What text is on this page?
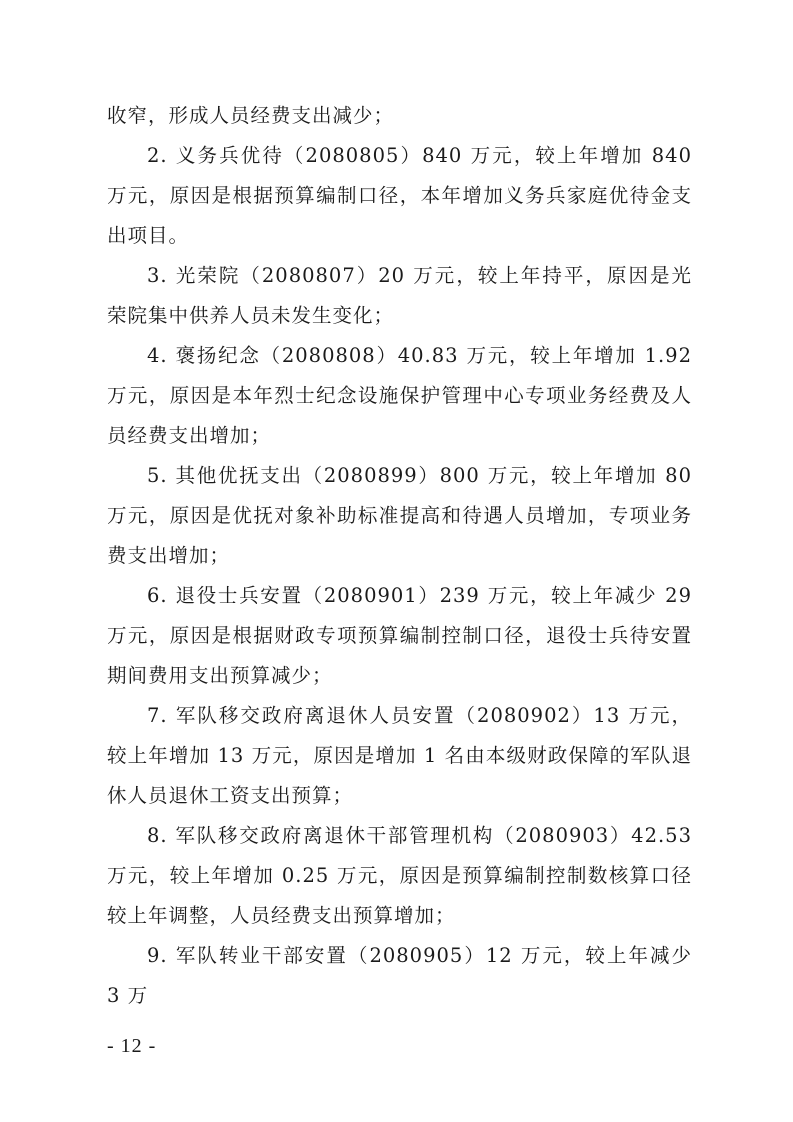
收窄，形成人员经费支出减少；

2. 义务兵优待（2080805）840 万元，较上年增加 840 万元，原因是根据预算编制口径，本年增加义务兵家庭优待金支出项目。

3. 光荣院（2080807）20 万元，较上年持平，原因是光荣院集中供养人员未发生变化；

4. 褒扬纪念（2080808）40.83 万元，较上年增加 1.92 万元，原因是本年烈士纪念设施保护管理中心专项业务经费及人员经费支出增加；

5. 其他优抚支出（2080899）800 万元，较上年增加 80 万元，原因是优抚对象补助标准提高和待遇人员增加，专项业务费支出增加；

6. 退役士兵安置（2080901）239 万元，较上年减少 29 万元，原因是根据财政专项预算编制控制口径，退役士兵待安置期间费用支出预算减少；

7. 军队移交政府离退休人员安置（2080902）13 万元，较上年增加 13 万元，原因是增加 1 名由本级财政保障的军队退休人员退休工资支出预算；

8. 军队移交政府离退休干部管理机构（2080903）42.53 万元，较上年增加 0.25 万元，原因是预算编制控制数核算口径较上年调整，人员经费支出预算增加；

9. 军队转业干部安置（2080905）12 万元，较上年减少 3 万

- 12 -
